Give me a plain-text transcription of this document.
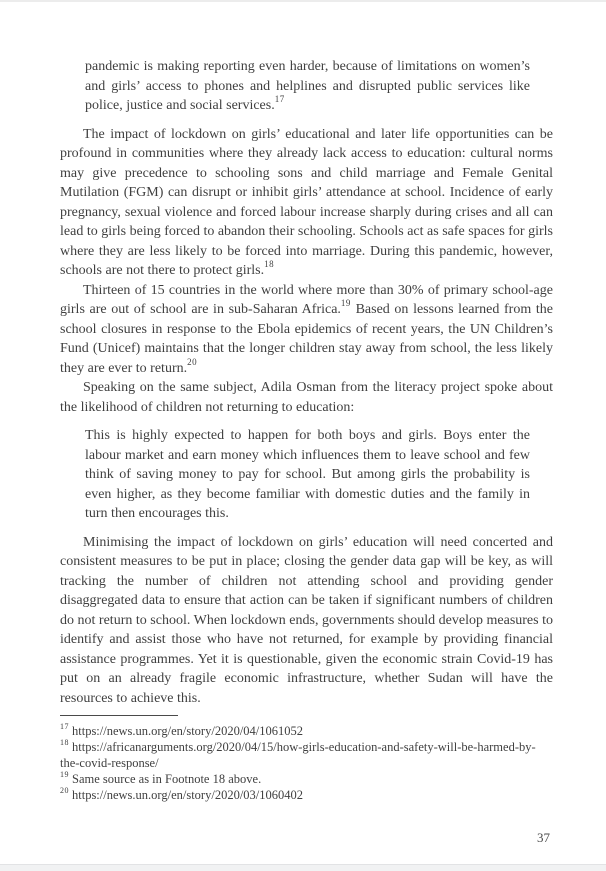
pandemic is making reporting even harder, because of limitations on women’s and girls’ access to phones and helplines and disrupted public services like police, justice and social services.$^{17}$

The impact of lockdown on girls’ educational and later life opportunities can be profound in communities where they already lack access to education: cultural norms may give precedence to schooling sons and child marriage and Female Genital Mutilation (FGM) can disrupt or inhibit girls’ attendance at school. Incidence of early pregnancy, sexual violence and forced labour increase sharply during crises and all can lead to girls being forced to abandon their schooling. Schools act as safe spaces for girls where they are less likely to be forced into marriage. During this pandemic, however, schools are not there to protect girls.$^{18}$

Thirteen of 15 countries in the world where more than 30% of primary school-age girls are out of school are in sub-Saharan Africa.$^{19}$ Based on lessons learned from the school closures in response to the Ebola epidemics of recent years, the UN Children’s Fund (Unicef) maintains that the longer children stay away from school, the less likely they are ever to return.$^{20}$

Speaking on the same subject, Adila Osman from the literacy project spoke about the likelihood of children not returning to education:

This is highly expected to happen for both boys and girls. Boys enter the labour market and earn money which influences them to leave school and few think of saving money to pay for school. But among girls the probability is even higher, as they become familiar with domestic duties and the family in turn then encourages this.

Minimising the impact of lockdown on girls’ education will need concerted and consistent measures to be put in place; closing the gender data gap will be key, as will tracking the number of children not attending school and providing gender disaggregated data to ensure that action can be taken if significant numbers of children do not return to school. When lockdown ends, governments should develop measures to identify and assist those who have not returned, for example by providing financial assistance programmes. Yet it is questionable, given the economic strain Covid-19 has put on an already fragile economic infrastructure, whether Sudan will have the resources to achieve this.

$^{17}$ https://news.un.org/en/story/2020/04/1061052
$^{18}$ https://africanarguments.org/2020/04/15/how-girls-education-and-safety-will-be-harmed-by-the-covid-response/
$^{19}$ Same source as in Footnote 18 above.
$^{20}$ https://news.un.org/en/story/2020/03/1060402
37
